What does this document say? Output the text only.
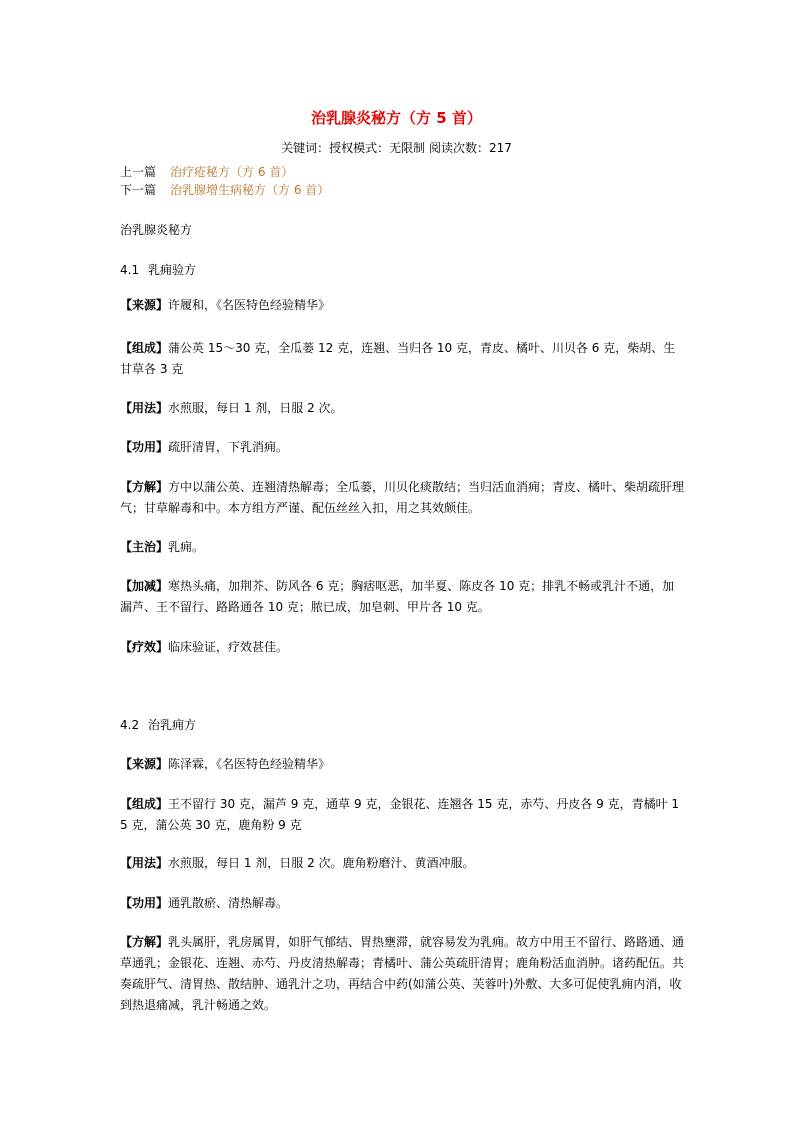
治乳腺炎秘方（方 5 首）
关键词：授权模式：无限制 阅读次数：217
上一篇 治疗疮秘方（方 6 首）
下一篇 治乳腺增生病秘方（方 6 首）
治乳腺炎秘方
4.1 乳痈验方
【来源】许履和，《名医特色经验精华》
【组成】蒲公英 15～30 克，全瓜蒌 12 克，连翘、当归各 10 克，青皮、橘叶、川贝各 6 克，柴胡、生甘草各 3 克
【用法】水煎服，每日 1 剂，日服 2 次。
【功用】疏肝清胃，下乳消痈。
【方解】方中以蒲公英、连翘清热解毒；全瓜蒌，川贝化痰散结；当归活血消痈；青皮、橘叶、柴胡疏肝理气；甘草解毒和中。本方组方严谨、配伍丝丝入扣，用之其效颇佳。
【主治】乳痈。
【加减】寒热头痛，加荆芥、防风各 6 克；胸痞呕恶，加半夏、陈皮各 10 克；排乳不畅或乳汁不通，加漏芦、王不留行、路路通各 10 克；脓已成，加皂刺、甲片各 10 克。
【疗效】临床验证，疗效甚佳。
4.2 治乳痈方
【来源】陈泽霖，《名医特色经验精华》
【组成】王不留行 30 克，漏芦 9 克，通草 9 克，金银花、连翘各 15 克，赤芍、丹皮各 9 克，青橘叶 15 克，蒲公英 30 克，鹿角粉 9 克
【用法】水煎服，每日 1 剂，日服 2 次。鹿角粉磨汁、黄酒冲服。
【功用】通乳散瘀、清热解毒。
【方解】乳头属肝，乳房属胃，如肝气郁结、胃热壅滞，就容易发为乳痈。故方中用王不留行、路路通、通草通乳；金银花、连翘、赤芍、丹皮清热解毒；青橘叶、蒲公英疏肝清胃；鹿角粉活血消肿。诸药配伍。共奏疏肝气、清胃热、散结肿、通乳汁之功，再结合中药(如蒲公英、芙蓉叶)外敷、大多可促使乳痈内消，收到热退痛减，乳汁畅通之效。
